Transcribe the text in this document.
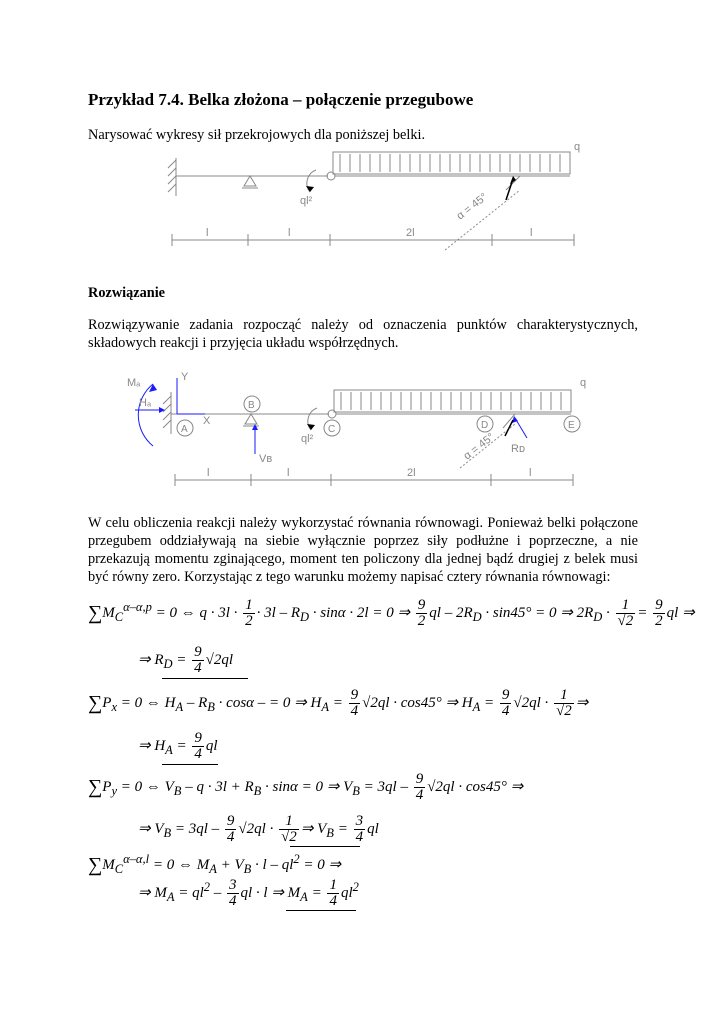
Przykład 7.4. Belka złożona – połączenie przegubowe

Narysować wykresy sił przekrojowych dla poniższej belki.

q
ql²	α = 45°
l	l	2l	l

Rozwiązanie

Rozwiązywanie zadania rozpocząć należy od oznaczenia punktów charakterystycznych, składowych reakcji i przyjęcia układu współrzędnych.

q
ql²	α = 45°
A
B
C	D	E
Mₐ
Hₐ
Vʙ
Rᴅ
Y
X
l	l	2l	l

W celu obliczenia reakcji należy wykorzystać równania równowagi. Ponieważ belki połączone przegubem oddziaływają na siebie wyłącznie poprzez siły podłużne i poprzeczne, a nie przekazują momentu zginającego, moment ten policzony dla jednej bądź drugiej z belek musi być równy zero. Korzystając z tego warunku możemy napisać cztery równania równowagi:

$\sum M_C^{\alpha-\alpha,p} = 0$ ⇔ $q \cdot 3l \cdot \frac{1}{2} \cdot 3l - R_D \cdot \sin\alpha \cdot 2l = 0$ ⇒ $\frac{9}{2}$ ql – $2R_D \cdot \sin 45^\circ = 0$ ⇒ $2R_D \cdot \frac{1}{√2} = \frac{9}{2}$ ql ⇒
⇒ $R_D = \frac{9}{4} √2ql$
$\sum P_x = 0$ ⇔ $H_A - R_B \cdot \cos\alpha$ – = 0 ⇒ $H_A = \frac{9}{4} √2ql \cdot \cos 45^\circ$ ⇒ $H_A = \frac{9}{4} √2ql \cdot \frac{1}{√2}$ ⇒
⇒ $H_A = \frac{9}{4}$ ql
$\sum P_y = 0$ ⇔ $V_B - q \cdot 3l + R_B \cdot \sin\alpha = 0$ ⇒ $V_B = 3ql - \frac{9}{4} √2ql \cdot \cos 45^\circ$ ⇒
⇒ $V_B = 3ql - \frac{9}{4} √2ql \cdot \frac{1}{√2}$ ⇒ $V_B = \frac{3}{4}$ ql
$\sum M_C^{\alpha-\alpha,l} = 0$ ⇔ $M_A + V_B \cdot l - ql^2 = 0$ ⇒
⇒ $M_A = ql^2 - \frac{3}{4}$ ql · l ⇒ $M_A = \frac{1}{4} ql^2$
